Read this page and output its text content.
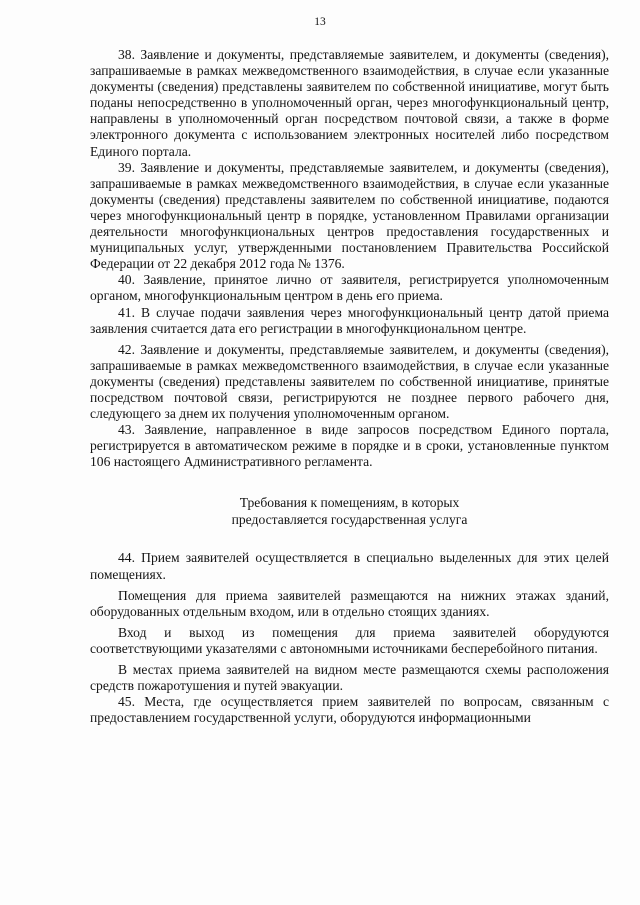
13

38. Заявление и документы, представляемые заявителем, и документы (сведения), запрашиваемые в рамках межведомственного взаимодействия, в случае если указанные документы (сведения) представлены заявителем по собственной инициативе, могут быть поданы непосредственно в уполномоченный орган, через многофункциональный центр, направлены в уполномоченный орган посредством почтовой связи, а также в форме электронного документа с использованием электронных носителей либо посредством Единого портала.

39. Заявление и документы, представляемые заявителем, и документы (сведения), запрашиваемые в рамках межведомственного взаимодействия, в случае если указанные документы (сведения) представлены заявителем по собственной инициативе, подаются через многофункциональный центр в порядке, установленном Правилами организации деятельности многофункциональных центров предоставления государственных и муниципальных услуг, утвержденными постановлением Правительства Российской Федерации от 22 декабря 2012 года № 1376.

40. Заявление, принятое лично от заявителя, регистрируется уполномоченным органом, многофункциональным центром в день его приема.

41. В случае подачи заявления через многофункциональный центр датой приема заявления считается дата его регистрации в многофункциональном центре.

42. Заявление и документы, представляемые заявителем, и документы (сведения), запрашиваемые в рамках межведомственного взаимодействия, в случае если указанные документы (сведения) представлены заявителем по собственной инициативе, принятые посредством почтовой связи, регистрируются не позднее первого рабочего дня, следующего за днем их получения уполномоченным органом.

43. Заявление, направленное в виде запросов посредством Единого портала, регистрируется в автоматическом режиме в порядке и в сроки, установленные пунктом 106 настоящего Административного регламента.

Требования к помещениям, в которых
предоставляется государственная услуга

44. Прием заявителей осуществляется в специально выделенных для этих целей помещениях.

Помещения для приема заявителей размещаются на нижних этажах зданий, оборудованных отдельным входом, или в отдельно стоящих зданиях.

Вход и выход из помещения для приема заявителей оборудуются соответствующими указателями с автономными источниками бесперебойного питания.

В местах приема заявителей на видном месте размещаются схемы расположения средств пожаротушения и путей эвакуации.

45. Места, где осуществляется прием заявителей по вопросам, связанным с предоставлением государственной услуги, оборудуются информационными
